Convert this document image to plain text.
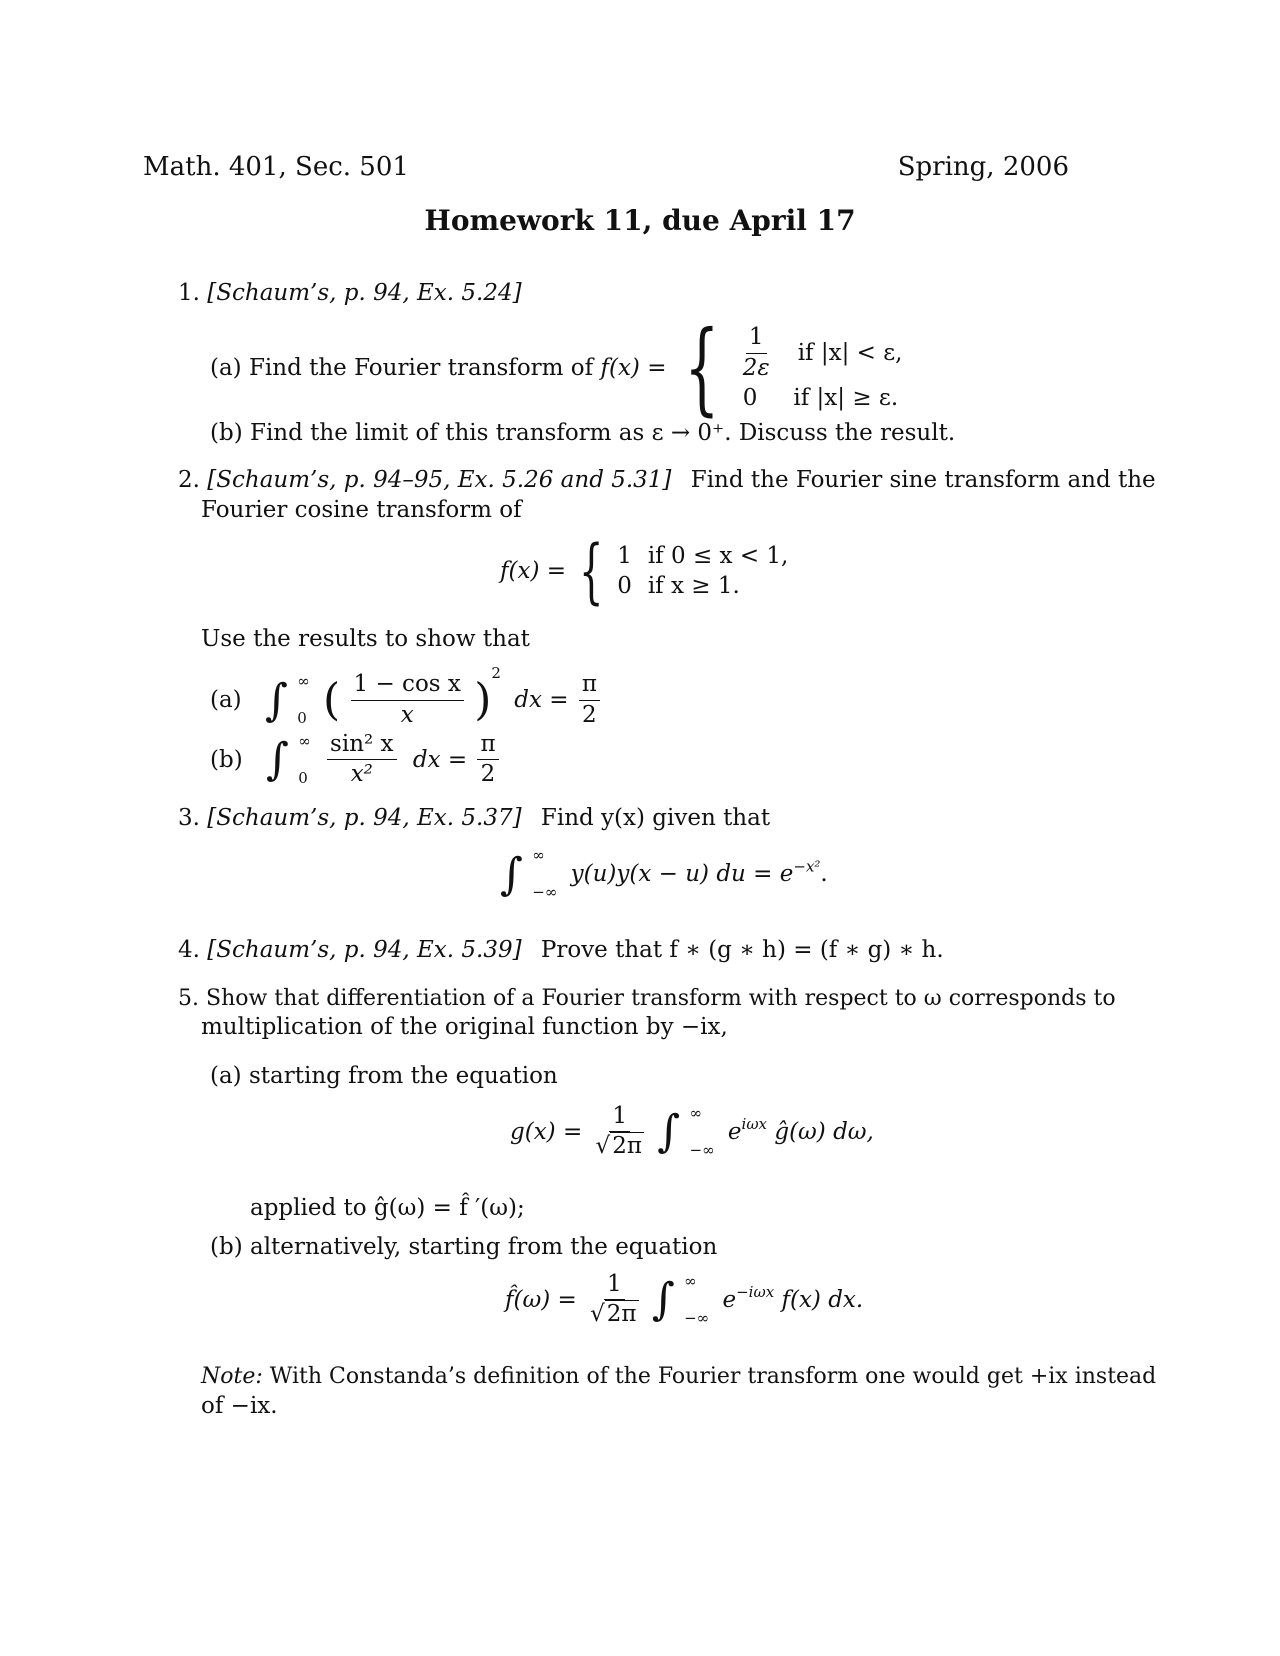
Math. 401, Sec. 501	Spring, 2006
Homework 11, due April 17
1. [Schaum’s, p. 94, Ex. 5.24]
(a) Find the Fourier transform of f(x) = { $\frac{1}{2\varepsilon}$ if |x| < ε,
0	if |x| ≥ ε.
(b) Find the limit of this transform as ε → 0⁺. Discuss the result.
2. [Schaum’s, p. 94–95, Ex. 5.26 and 5.31] Find the Fourier sine transform and the
Fourier cosine transform of
f(x) = { 1 if 0 ≤ x < 1,
0 if x ≥ 1.
Use the results to show that
(a) ∫ ∞
0 ( $\frac{\text{1 − cos x}}{x} )^2$ dx = $\frac{\pi}{2}$
(b) ∫ ∞
0
$\frac{\text{sin² x}}{\text{x²}}$ dx = $\frac{\pi}{2}$
3. [Schaum’s, p. 94, Ex. 5.37] Find y(x) given that
∫ ∞
−∞
y(u)y(x − u) du = $e^{-x^2}$.
4. [Schaum’s, p. 94, Ex. 5.39] Prove that f ∗ (g ∗ h) = (f ∗ g) ∗ h.
5. Show that differentiation of a Fourier transform with respect to ω corresponds to
multiplication of the original function by −ix,
(a) starting from the equation
$g(x) = \frac{1}{√2\pi}$ ∫ ∞
−∞
$e^{i\omega x}$ ĝ(ω) dω,
applied to ĝ(ω) = f̂ ′(ω);
(b) alternatively, starting from the equation
f̂(ω) = $\frac{1}{√2\pi}$ ∫ ∞
−∞
$e^{-i\omega x}$ f(x) dx.
Note: With Constanda’s definition of the Fourier transform one would get +ix instead
of −ix.
